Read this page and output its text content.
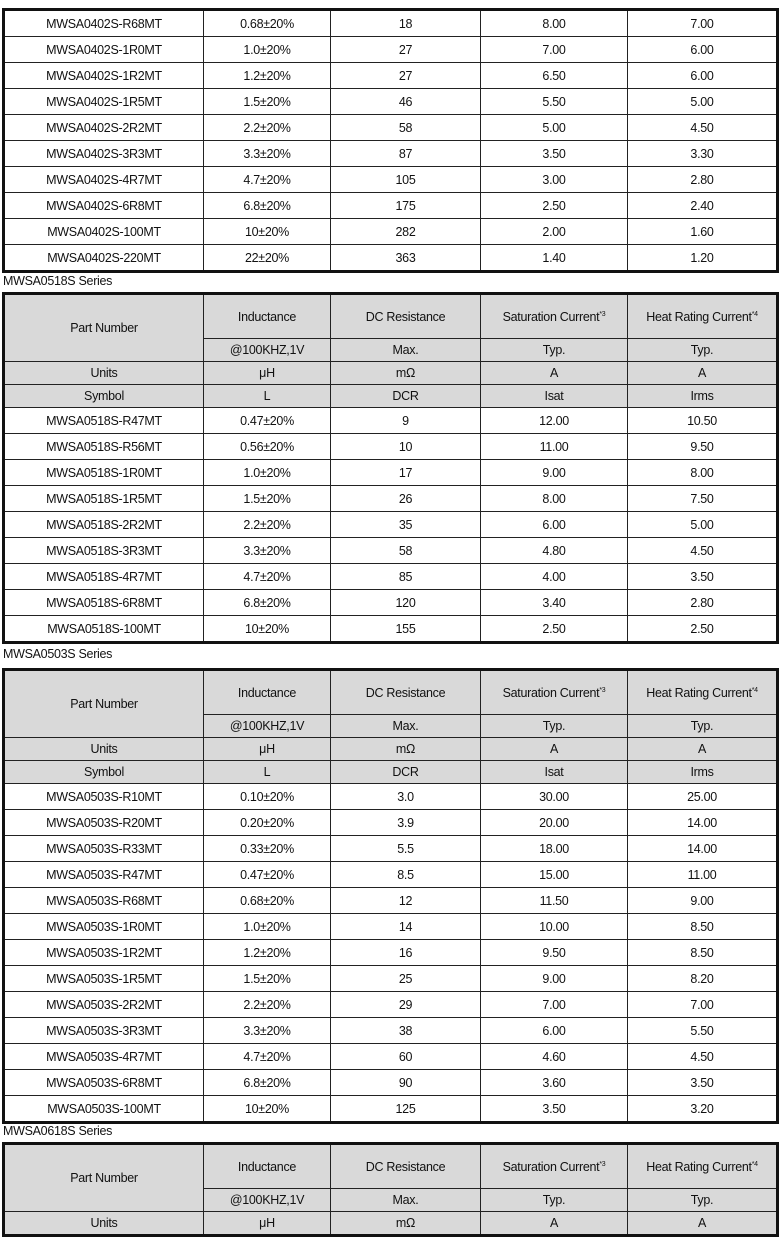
MWSA0402S-R68MT	0.68±20%	18	8.00	7.00
MWSA0402S-1R0MT	1.0±20%	27	7.00	6.00
MWSA0402S-1R2MT	1.2±20%	27	6.50	6.00
MWSA0402S-1R5MT	1.5±20%	46	5.50	5.00
MWSA0402S-2R2MT	2.2±20%	58	5.00	4.50
MWSA0402S-3R3MT	3.3±20%	87	3.50	3.30
MWSA0402S-4R7MT	4.7±20%	105	3.00	2.80
MWSA0402S-6R8MT	6.8±20%	175	2.50	2.40
MWSA0402S-100MT	10±20%	282	2.00	1.60
MWSA0402S-220MT	22±20%	363	1.40	1.20
MWSA0518S Series
Part Number	Inductance	DC Resistance	Saturation Current$^{*3}$	Heat Rating Current$^{*4}$
	@100KHZ,1V	Max.	Typ.	Typ.
Units	μH	mΩ	A	A
Symbol	L	DCR	Isat	Irms
MWSA0518S-R47MT	0.47±20%	9	12.00	10.50
MWSA0518S-R56MT	0.56±20%	10	11.00	9.50
MWSA0518S-1R0MT	1.0±20%	17	9.00	8.00
MWSA0518S-1R5MT	1.5±20%	26	8.00	7.50
MWSA0518S-2R2MT	2.2±20%	35	6.00	5.00
MWSA0518S-3R3MT	3.3±20%	58	4.80	4.50
MWSA0518S-4R7MT	4.7±20%	85	4.00	3.50
MWSA0518S-6R8MT	6.8±20%	120	3.40	2.80
MWSA0518S-100MT	10±20%	155	2.50	2.50
MWSA0503S Series
Part Number	Inductance	DC Resistance	Saturation Current$^{*3}$	Heat Rating Current$^{*4}$
	@100KHZ,1V	Max.	Typ.	Typ.
Units	μH	mΩ	A	A
Symbol	L	DCR	Isat	Irms
MWSA0503S-R10MT	0.10±20%	3.0	30.00	25.00
MWSA0503S-R20MT	0.20±20%	3.9	20.00	14.00
MWSA0503S-R33MT	0.33±20%	5.5	18.00	14.00
MWSA0503S-R47MT	0.47±20%	8.5	15.00	11.00
MWSA0503S-R68MT	0.68±20%	12	11.50	9.00
MWSA0503S-1R0MT	1.0±20%	14	10.00	8.50
MWSA0503S-1R2MT	1.2±20%	16	9.50	8.50
MWSA0503S-1R5MT	1.5±20%	25	9.00	8.20
MWSA0503S-2R2MT	2.2±20%	29	7.00	7.00
MWSA0503S-3R3MT	3.3±20%	38	6.00	5.50
MWSA0503S-4R7MT	4.7±20%	60	4.60	4.50
MWSA0503S-6R8MT	6.8±20%	90	3.60	3.50
MWSA0503S-100MT	10±20%	125	3.50	3.20
MWSA0618S Series
Part Number	Inductance	DC Resistance	Saturation Current$^{*3}$	Heat Rating Current$^{*4}$
	@100KHZ,1V	Max.	Typ.	Typ.
Units	μH	mΩ	A	A
